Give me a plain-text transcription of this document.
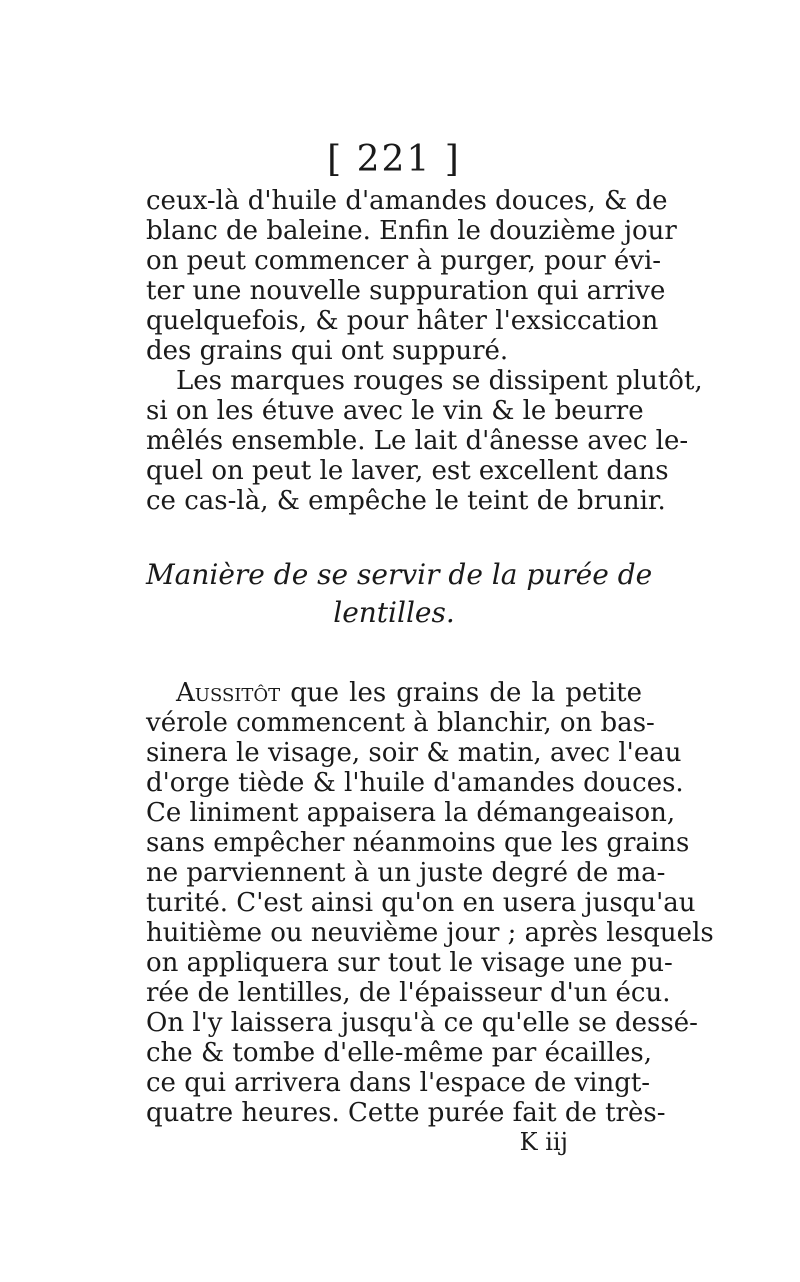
[ 221 ]
ceux-là d'huile d'amandes douces, & de
blanc de baleine. Enfin le douzième jour
on peut commencer à purger, pour évi-
ter une nouvelle suppuration qui arrive
quelquefois, & pour hâter l'exsiccation
des grains qui ont suppuré.
Les marques rouges se dissipent plutôt,
si on les étuve avec le vin & le beurre
mêlés ensemble. Le lait d'ânesse avec le-
quel on peut le laver, est excellent dans
ce cas-là, & empêche le teint de brunir.
Manière de se servir de la purée de
lentilles.
Aussitôt que les grains de la petite
vérole commencent à blanchir, on bas-
sinera le visage, soir & matin, avec l'eau
d'orge tiède & l'huile d'amandes douces.
Ce liniment appaisera la démangeaison,
sans empêcher néanmoins que les grains
ne parviennent à un juste degré de ma-
turité. C'est ainsi qu'on en usera jusqu'au
huitième ou neuvième jour ; après lesquels
on appliquera sur tout le visage une pu-
rée de lentilles, de l'épaisseur d'un écu.
On l'y laissera jusqu'à ce qu'elle se dessé-
che & tombe d'elle-même par écailles,
ce qui arrivera dans l'espace de vingt-
quatre heures. Cette purée fait de très-
K iij
